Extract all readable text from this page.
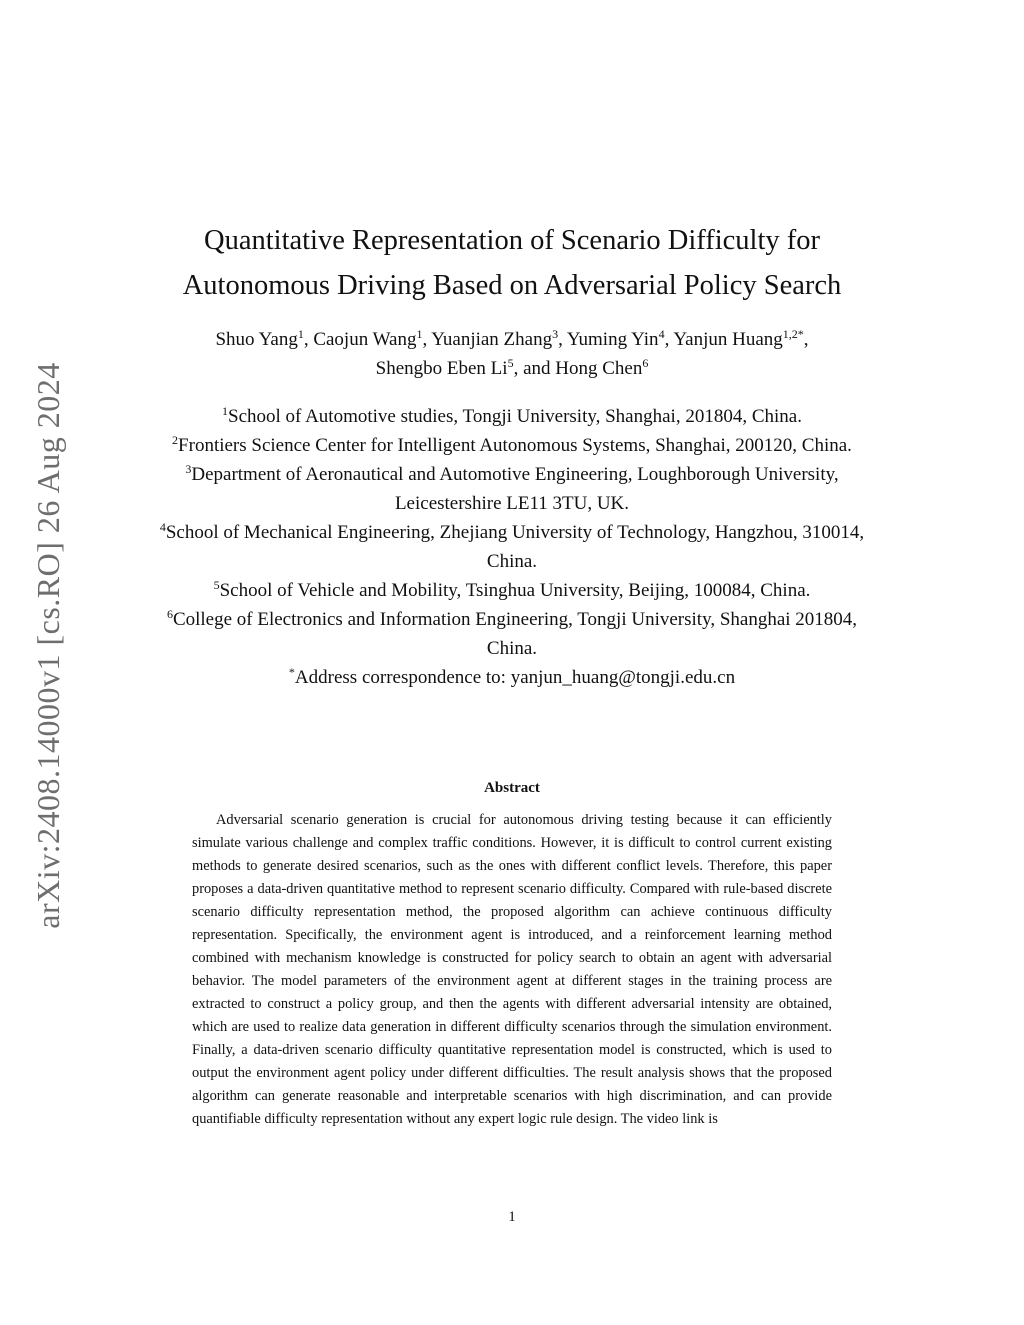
arXiv:2408.14000v1 [cs.RO] 26 Aug 2024
Quantitative Representation of Scenario Difficulty for
Autonomous Driving Based on Adversarial Policy Search
Shuo Yang$^1$, Caojun Wang$^1$, Yuanjian Zhang$^3$, Yuming Yin$^4$, Yanjun Huang$^{1,2*}$,
Shengbo Eben Li$^5$, and Hong Chen$^6$
$^1$School of Automotive studies, Tongji University, Shanghai, 201804, China.
$^2$Frontiers Science Center for Intelligent Autonomous Systems, Shanghai, 200120, China.
$^3$Department of Aeronautical and Automotive Engineering, Loughborough University, Leicestershire LE11 3TU, UK.
$^4$School of Mechanical Engineering, Zhejiang University of Technology, Hangzhou, 310014, China.
$^5$School of Vehicle and Mobility, Tsinghua University, Beijing, 100084, China.
$^6$College of Electronics and Information Engineering, Tongji University, Shanghai 201804, China.
*Address correspondence to: yanjun_huang@tongji.edu.cn
Abstract

Adversarial scenario generation is crucial for autonomous driving testing because it can efficiently simulate various challenge and complex traffic conditions. However, it is difficult to control current existing methods to generate desired scenarios, such as the ones with different conflict levels. Therefore, this paper proposes a data-driven quantitative method to represent scenario difficulty. Compared with rule-based discrete scenario difficulty representation method, the proposed algorithm can achieve continuous difficulty representation. Specifically, the environment agent is introduced, and a reinforcement learning method combined with mechanism knowledge is constructed for policy search to obtain an agent with adversarial behavior. The model parameters of the environment agent at different stages in the training process are extracted to construct a policy group, and then the agents with different adversarial intensity are obtained, which are used to realize data generation in different difficulty scenarios through the simulation environment. Finally, a data-driven scenario difficulty quantitative representation model is constructed, which is used to output the environment agent policy under different difficulties. The result analysis shows that the proposed algorithm can generate reasonable and interpretable scenarios with high discrimination, and can provide quantifiable difficulty representation without any expert logic rule design. The video link is

1
